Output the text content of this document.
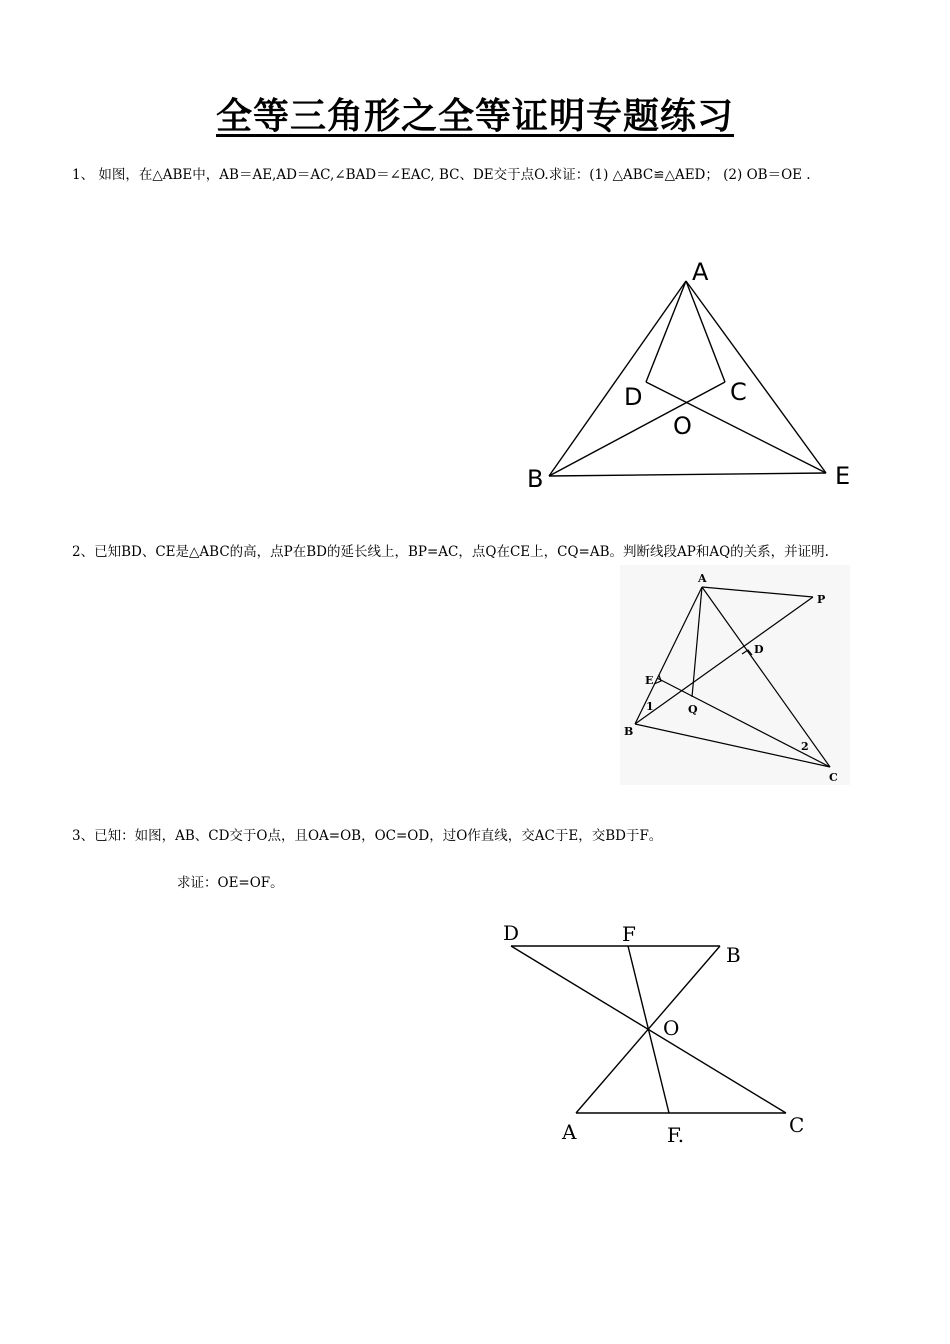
全等三角形之全等证明专题练习
1、 如图，在△ABE中，AB＝AE,AD＝AC,∠BAD＝∠EAC, BC、DE交于点O.求证：(1) △ABC≌△AED； (2) OB＝OE .
A
D	C
O
B	E
2、已知BD、CE是△ABC的高，点P在BD的延长线上，BP=AC，点Q在CE上，CQ=AB。判断线段AP和AQ的关系，并证明.
A
P
D
E
Q
1
B
2
C
3、已知：如图，AB、CD交于O点，且OA=OB，OC=OD，过O作直线，交AC于E，交BD于F。
求证：OE=OF。
D	F
B
O
A	F.	C
